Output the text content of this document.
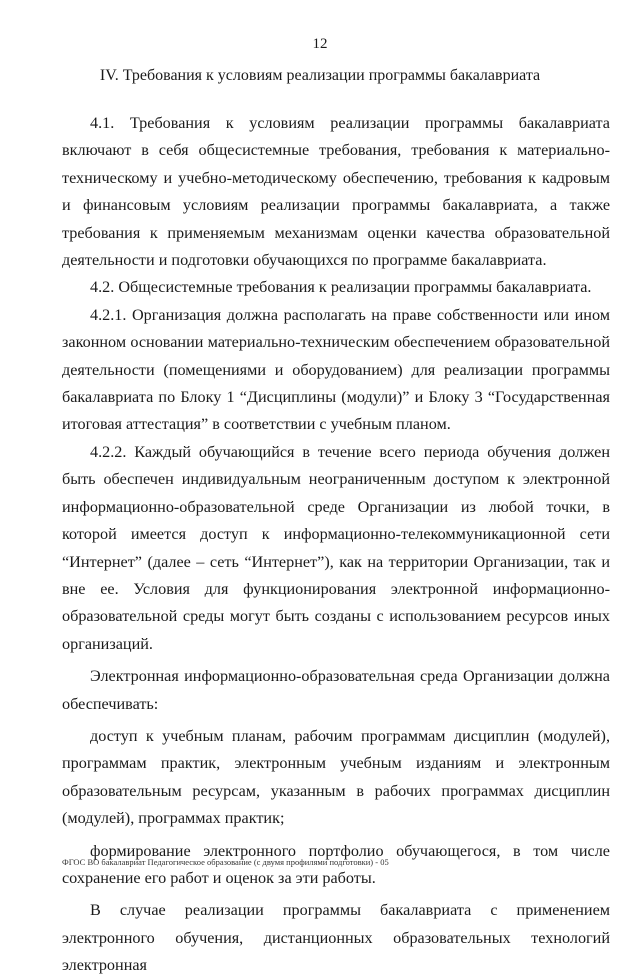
12
IV. Требования к условиям реализации программы бакалавриата

4.1. Требования к условиям реализации программы бакалавриата включают в себя общесистемные требования, требования к материально-техническому и учебно-методическому обеспечению, требования к кадровым и финансовым условиям реализации программы бакалавриата, а также требования к применяемым механизмам оценки качества образовательной деятельности и подготовки обучающихся по программе бакалавриата.

4.2. Общесистемные требования к реализации программы бакалавриата.

4.2.1. Организация должна располагать на праве собственности или ином законном основании материально-техническим обеспечением образовательной деятельности (помещениями и оборудованием) для реализации программы бакалавриата по Блоку 1 “Дисциплины (модули)” и Блоку 3 “Государственная итоговая аттестация” в соответствии с учебным планом.

4.2.2. Каждый обучающийся в течение всего периода обучения должен быть обеспечен индивидуальным неограниченным доступом к электронной информационно-образовательной среде Организации из любой точки, в которой имеется доступ к информационно-телекоммуникационной сети “Интернет” (далее – сеть “Интернет”), как на территории Организации, так и вне ее. Условия для функционирования электронной информационно-образовательной среды могут быть созданы с использованием ресурсов иных организаций.

Электронная информационно-образовательная среда Организации должна обеспечивать:

доступ к учебным планам, рабочим программам дисциплин (модулей), программам практик, электронным учебным изданиям и электронным образовательным ресурсам, указанным в рабочих программах дисциплин (модулей), программах практик;

формирование электронного портфолио обучающегося, в том числе сохранение его работ и оценок за эти работы.

В случае реализации программы бакалавриата с применением электронного обучения, дистанционных образовательных технологий электронная

ФГОС ВО бакалавриат Педагогическое образование (с двумя профилями подготовки) - 05
